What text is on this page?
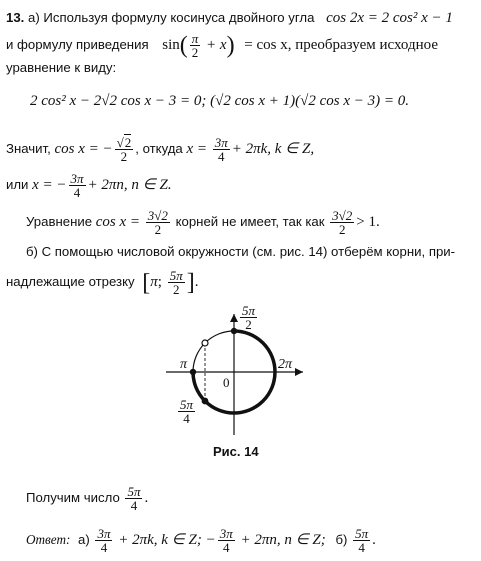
13. а) Используя формулу косинуса двойного угла cos 2x = 2 cos² x − 1
и формулу приведения $\sin( \frac{\pi}{2} + x) = \cos x$, преобразуем исходное
уравнение к виду:
2 cos² x − 2√2 cos x − 3 = 0; (√2 cos x + 1)(√2 cos x − 3) = 0.
Значит, cos x = −
√ $\frac{2}{2}$ , откуда $x = \frac{3\pi}{4} + 2\pi k$, k ∈ Z,
или x = − $\frac{3\pi}{4} + 2\pi n$, n ∈ Z.
Уравнение $\cos x = \frac{3√2}{2}$ корней не имеет, так как $\frac{3√2}{2} > 1$.
б) С помощью числовой окружности (см. рис. 14) отберём корни, при-
надлежащие отрезку [π; $\frac{5\pi}{2}$ ].
$\frac{5\pi}{2}$
π	2π
0
$\frac{5\pi}{4}$
Рис. 14
Получим число $\frac{5\pi}{4}$ .
Ответ: $а) \frac{3\pi}{4} + 2\pi k$, k ∈ Z; − $\frac{3\pi}{4} + 2\pi n$, n ∈ Z; $б) \frac{5\pi}{4}$ .
